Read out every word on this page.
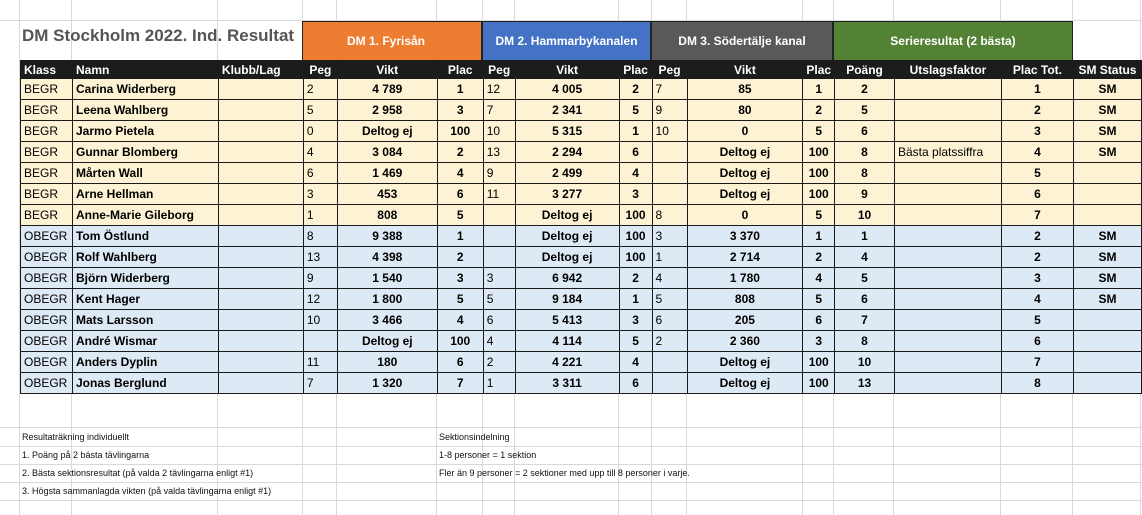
DM Stockholm 2022. Ind. Resultat	DM 1. Fyrisån	DM 2. Hammarbykanalen	DM 3. Södertälje kanal	Serieresultat (2 bästa)
Klass	Namn	Klubb/Lag	Peg	Vikt	Plac	Peg	Vikt	Plac	Peg	Vikt	Plac	Poäng	Utslagsfaktor	Plac Tot.	SM Status
BEGR	Carina Widerberg		2	4 789	1	12	4 005	2	7	85	1	2		1	SM
BEGR	Leena Wahlberg		5	2 958	3	7	2 341	5	9	80	2	5		2	SM
BEGR	Jarmo Pietela		0	Deltog ej	100	10	5 315	1	10	0	5	6		3	SM
BEGR	Gunnar Blomberg		4	3 084	2	13	2 294	6		Deltog ej	100	8	Bästa platssiffra	4	SM
BEGR	Mårten Wall		6	1 469	4	9	2 499	4		Deltog ej	100	8		5	
BEGR	Arne Hellman		3	453	6	11	3 277	3		Deltog ej	100	9		6	
BEGR	Anne-Marie Gileborg		1	808	5		Deltog ej	100	8	0	5	10		7	
OBEGR	Tom Östlund		8	9 388	1		Deltog ej	100	3	3 370	1	1		2	SM
OBEGR	Rolf Wahlberg		13	4 398	2		Deltog ej	100	1	2 714	2	4		2	SM
OBEGR	Björn Widerberg		9	1 540	3	3	6 942	2	4	1 780	4	5		3	SM
OBEGR	Kent Hager		12	1 800	5	5	9 184	1	5	808	5	6		4	SM
OBEGR	Mats Larsson		10	3 466	4	6	5 413	3	6	205	6	7		5	
OBEGR	André Wismar			Deltog ej	100	4	4 114	5	2	2 360	3	8		6	
OBEGR	Anders Dyplin		11	180	6	2	4 221	4		Deltog ej	100	10		7	
OBEGR	Jonas Berglund		7	1 320	7	1	3 311	6		Deltog ej	100	13		8	
Resultaträkning individuellt
1. Poäng på 2 bästa tävlingarna
2. Bästa sektionsresultat (på valda 2 tävlingarna enligt #1)
3. Högsta sammanlagda vikten (på valda tävlingarna enligt #1)
Sektionsindelning
1-8 personer = 1 sektion
Fler än 9 personer = 2 sektioner med upp till 8 personer i varje.
